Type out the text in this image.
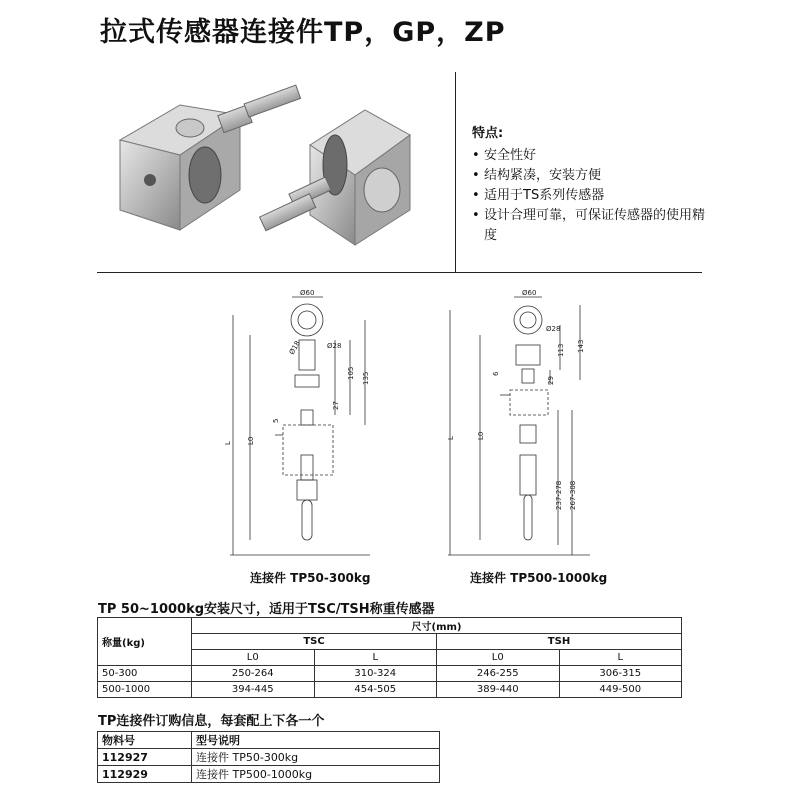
拉式传感器连接件TP，GP，ZP
特点:
• 安全性好
• 结构紧凑，安装方便
• 适用于TS系列传感器
• 设计合理可靠，可保证传感器的使用精度
Ø60
Ø28
105 135
27
5
L0
L
Ø18
连接件 TP50-300kg
Ø60
Ø28
113 143
6
29
L0
L
237-278 267-308
连接件 TP500-1000kg
TP 50~1000kg安装尺寸，适用于TSC/TSH称重传感器
称量(kg)	尺寸(mm)			
	TSC		TSH	
	L0	L	L0	L
50-300	250-264	310-324	246-255	306-315
500-1000	394-445	454-505	389-440	449-500
TP连接件订购信息，每套配上下各一个
物料号	型号说明
112927	连接件 TP50-300kg
112929	连接件 TP500-1000kg
